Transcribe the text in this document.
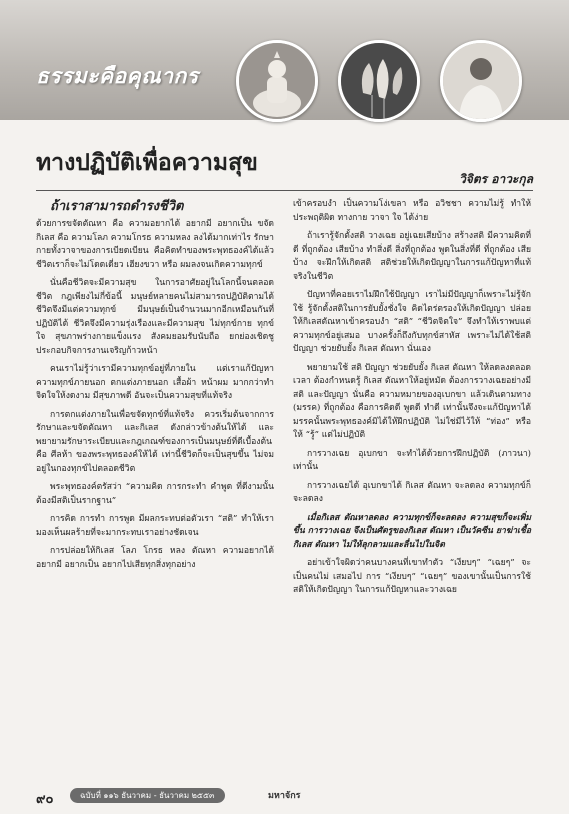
ธรรมะคือคุณากร
ทางปฏิบัติเพื่อความสุข
วิจิตร อาวะกุล

ถ้าเราสามารถดำรงชีวิต
ด้วยการขจัดตัณหา คือ ความอยากได้ อยากมี อยากเป็น ขจัดกิเลส คือ ความโลภ ความโกรธ ความหลง ลงได้มากเท่าไร รักษากายทั้งวาจาของการเบียดเบียน คือคิดทำของพระพุทธองค์ได้แล้ว ชีวิตเราก็จะไม่โดดเดี่ยว เฮียงขวา หรือ ผมลงจนเกิดความทุกข์

นั่นคือชีวิตจะมีความสุข ในการอาศัยอยู่ในโลกนี้จนตลอดชีวิต กฎเพียงไม่กี่ข้อนี้ มนุษย์หลายคนไม่สามารถปฏิบัติตามได้ชีวิตจึงมีแต่ความทุกข์ มีมนุษย์เป็นจำนวนมากอีกเหมือนกันที่ปฏิบัติได้ ชีวิตจึงมีความรุ่งเรืองและมีความสุข ไม่ทุกข์กาย ทุกข์ใจ สุขภาพร่างกายแข็งแรง สังคมยอมรับนับถือ ยกย่องเชิดชู ประกอบกิจการงานเจริญก้าวหน้า

คนเราไม่รู้ว่าเรามีความทุกข์อยู่ที่ภายใน แต่เราแก้ปัญหาความทุกข์ภายนอก ตกแต่งภายนอก เสื้อผ้า หน้าผม มากกว่าทำจิตใจให้งดงาม มีสุขภาพดี อันจะเป็นความสุขที่แท้จริง

การตกแต่งภายในเพื่อขจัดทุกข์ที่แท้จริง ควรเริ่มต้นจากการรักษาและขจัดตัณหา และกิเลส ดังกล่าวข้างต้นให้ได้ และพยายามรักษาระเบียบและกฎเกณฑ์ของการเป็นมนุษย์ที่ดีเบื้องต้น คือ ศีลห้า ของพระพุทธองค์ให้ได้ เท่านี้ชีวิตก็จะเป็นสุขขึ้น ไม่จมอยู่ในกองทุกข์ไปตลอดชีวิต

พระพุทธองค์ตรัสว่า “ความคิด การกระทำ คำพูด ที่ดีงามนั้นต้องมีสติเป็นรากฐาน”

การคิด การทำ การพูด มีผลกระทบต่อตัวเรา “สติ” ทำให้เรามองเห็นผลร้ายที่จะมากระทบเราอย่างชัดเจน

การปล่อยให้กิเลส โลภ โกรธ หลง ตัณหา ความอยากได้ อยากมี อยากเป็น อยากไปเสียทุกสิ่งทุกอย่าง

เข้าครอบงำ เป็นความโง่เขลา หรือ อวิชชา ความไม่รู้ ทำให้ประพฤติผิด ทางกาย วาจา ใจ ได้ง่าย

ถ้าเรารู้จักตั้งสติ วางเฉย อยู่เฉยเสียบ้าง สร้างสติ มีความคิดที่ดี ที่ถูกต้อง เสียบ้าง ทำสิ่งดี สิ่งที่ถูกต้อง พูดในสิ่งที่ดี ที่ถูกต้อง เสียบ้าง จะฝึกให้เกิดสติ สติช่วยให้เกิดปัญญาในการแก้ปัญหาที่แท้จริงในชีวิต

ปัญหาที่คอยเราไม่ฝึกใช้ปัญญา เราไม่มีปัญญาก็เพราะไม่รู้จักใช้ รู้จักตั้งสติในการยับยั้งชั่งใจ คิดไตร่ตรองให้เกิดปัญญา ปล่อยให้กิเลสตัณหาเข้าครอบงำ “สติ” “ชีวิตจิตใจ” จึงทำให้เราพบแต่ความทุกข์อยู่เสมอ บางครั้งก็ถึงกับทุกข์สาหัส เพราะไม่ได้ใช้สติ ปัญญา ช่วยยับยั้ง กิเลส ตัณหา นั่นเอง

พยายามใช้ สติ ปัญญา ช่วยยับยั้ง กิเลส ตัณหา ให้ลดลงตลอดเวลา ต้องกำหนดรู้ กิเลส ตัณหาให้อยู่หมัด ต้องการวางเฉยอย่างมีสติ และปัญญา นั่นคือ ความหมายของอุเบกขา แล้วเดินตามทาง (มรรค) ที่ถูกต้อง คือการคิดดี พูดดี ทำดี เท่านั้นจึงจะแก้ปัญหาได้ มรรคนั้นพระพุทธองค์มิได้ให้ฝึกปฏิบัติ ไม่ใช่มีไว้ให้ “ท่อง” หรือให้ “รู้” แต่ไม่ปฏิบัติ

การวางเฉย อุเบกขา จะทำได้ด้วยการฝึกปฏิบัติ (ภาวนา) เท่านั้น

การวางเฉยได้ อุเบกขาได้ กิเลส ตัณหา จะลดลง ความทุกข์ก็จะลดลง

เมื่อกิเลส ตัณหาลดลง ความทุกข์ก็จะลดลง ความสุขก็จะเพิ่มขึ้น การวางเฉย จึงเป็นศัตรูของกิเลส ตัณหา เป็นวัคซีน ยาฆ่าเชื้อ กิเลส ตัณหา ไม่ให้ลุกลามและลื่นไปในจิต

อย่าเข้าใจผิดว่าคนบางคนที่เขาทำตัว “เงียบๆ” “เฉยๆ” จะเป็นคนไม่ เสมอไป การ “เงียบๆ” “เฉยๆ” ของเขานั้นเป็นการใช้สติให้เกิดปัญญา ในการแก้ปัญหาและวางเฉย

๙๐	ฉบับที่ ๑๑๖ ธันวาคม - ธันวาคม ๒๕๕๓	มหาจักร
